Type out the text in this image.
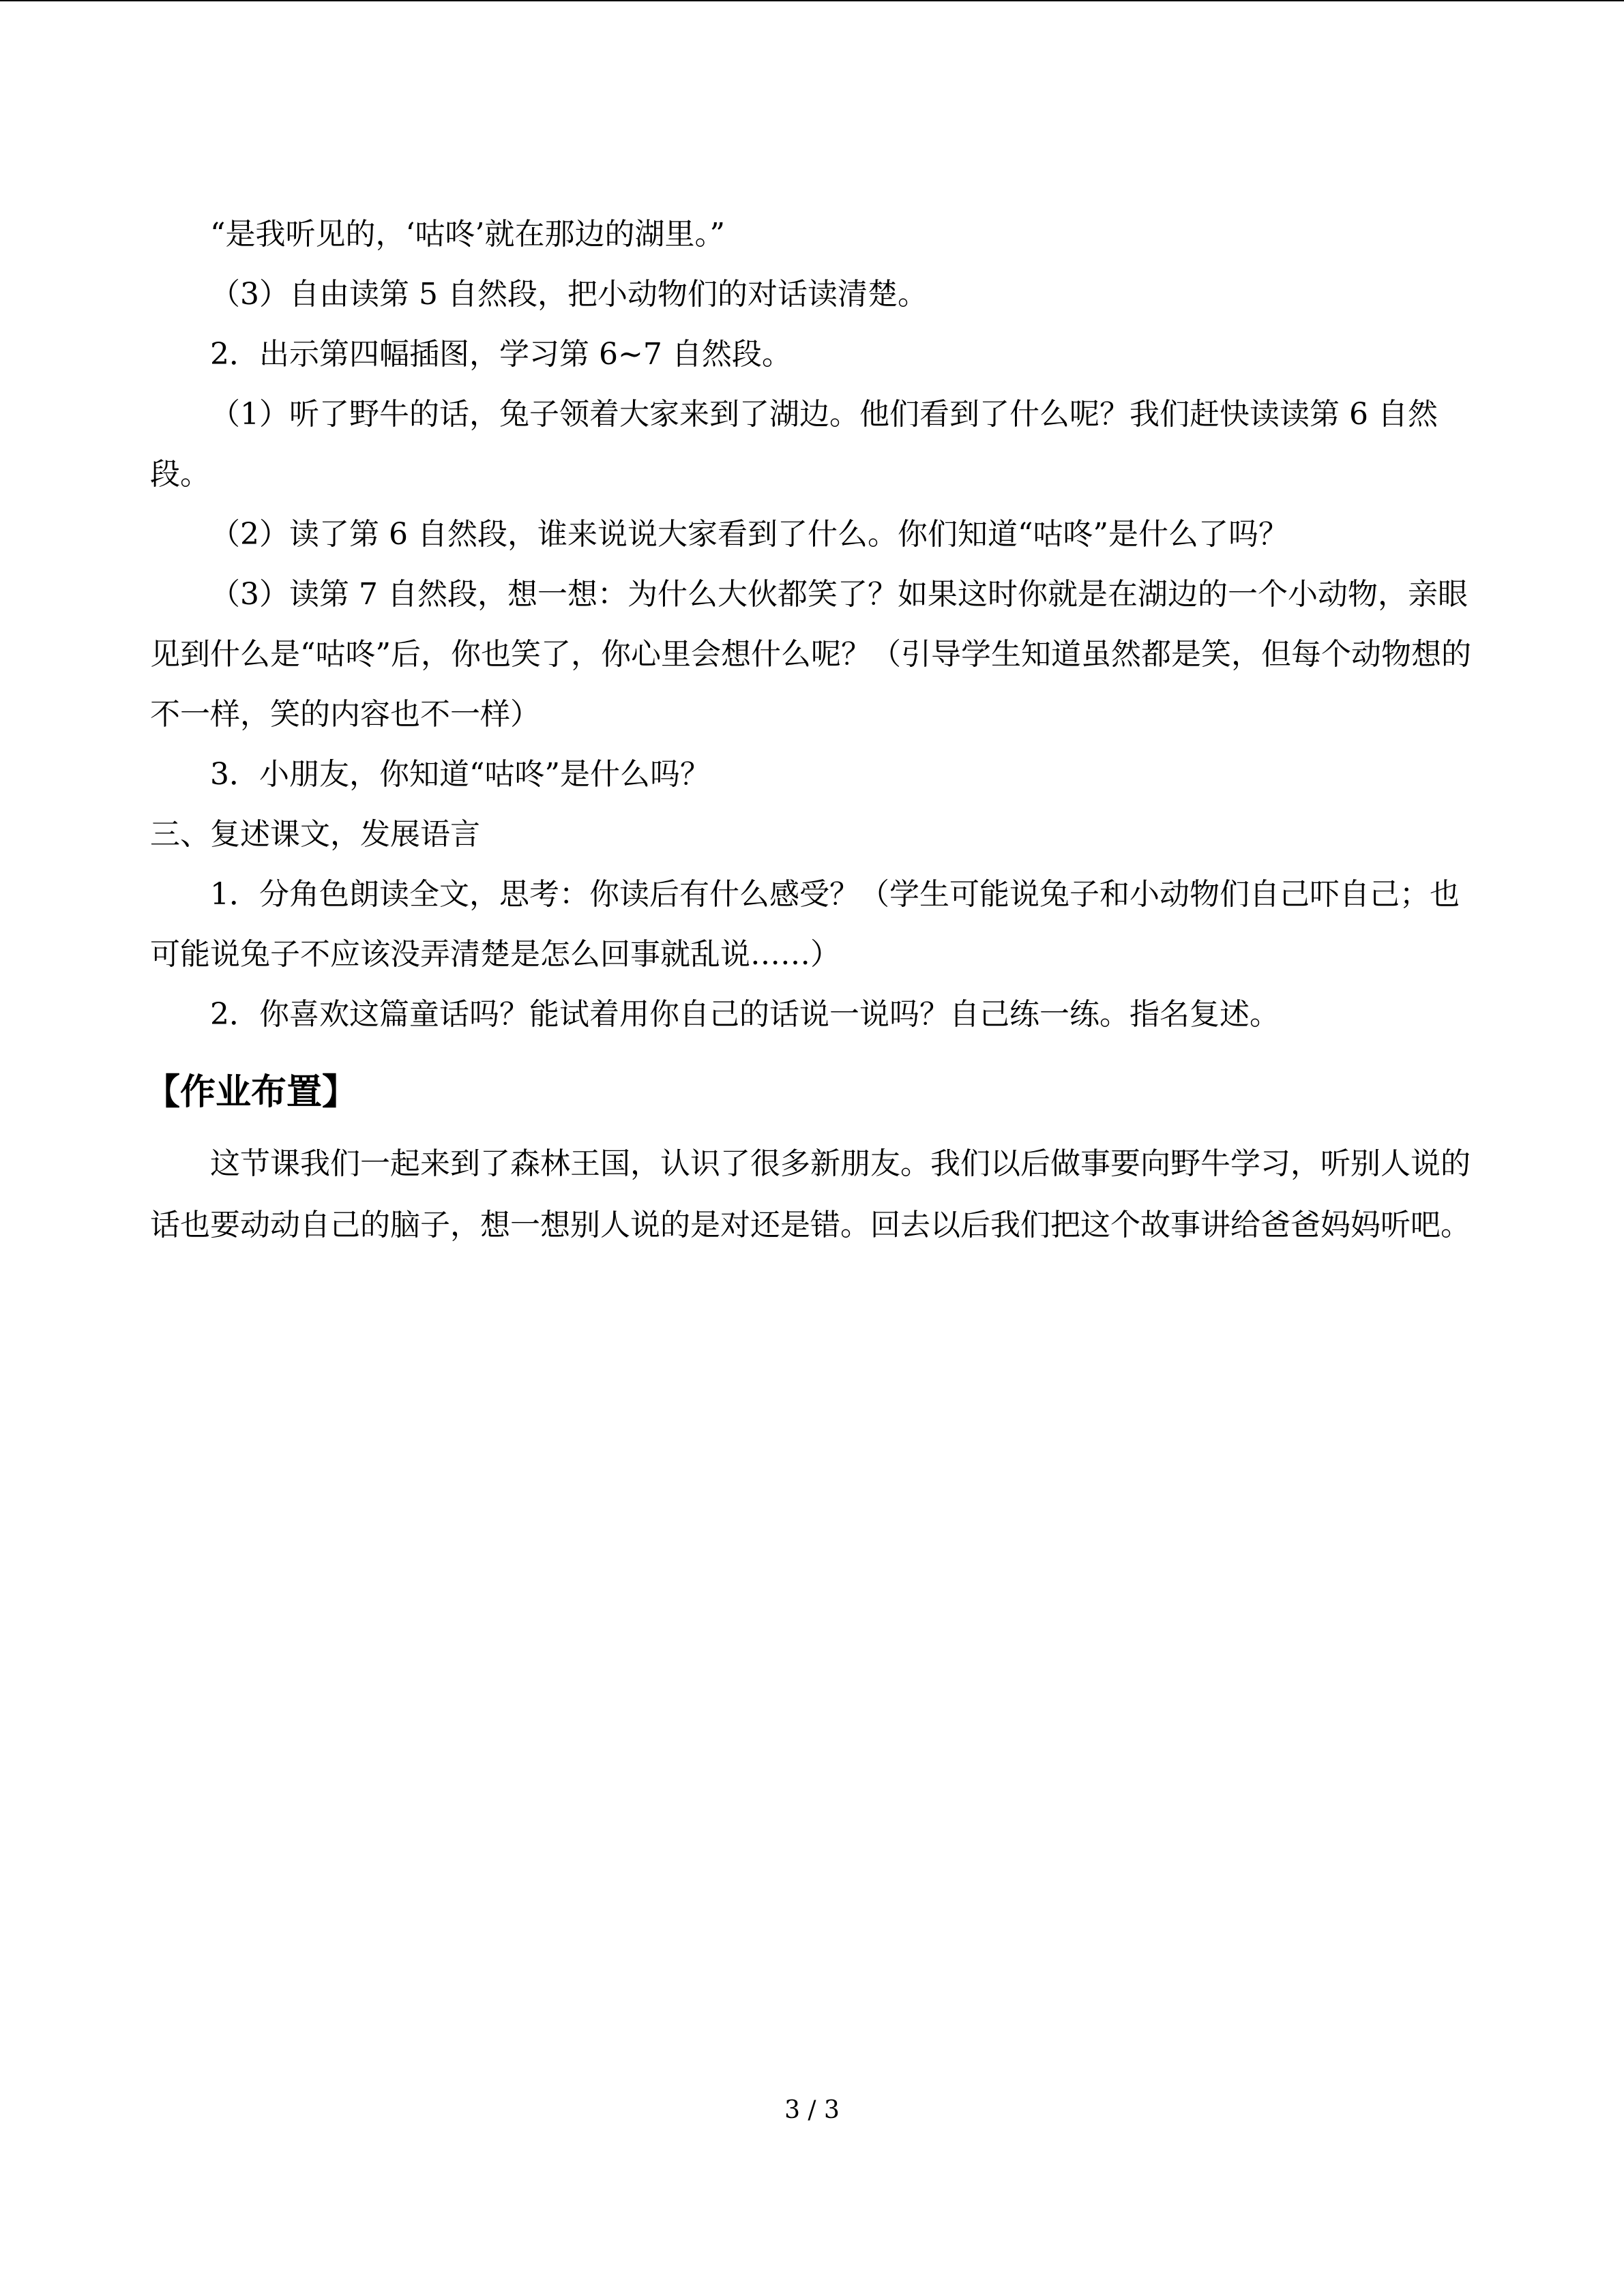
“是我听见的，‘咕咚’就在那边的湖里。”

（3）自由读第 5 自然段，把小动物们的对话读清楚。

2．出示第四幅插图，学习第 6~7 自然段。

（1）听了野牛的话，兔子领着大家来到了湖边。他们看到了什么呢？我们赶快读读第 6 自然段。

（2）读了第 6 自然段，谁来说说大家看到了什么。你们知道“咕咚”是什么了吗？

（3）读第 7 自然段，想一想：为什么大伙都笑了？如果这时你就是在湖边的一个小动物，亲眼见到什么是“咕咚”后，你也笑了，你心里会想什么呢？（引导学生知道虽然都是笑，但每个动物想的不一样，笑的内容也不一样）

3．小朋友，你知道“咕咚”是什么吗？

三、复述课文，发展语言

1．分角色朗读全文，思考：你读后有什么感受？（学生可能说兔子和小动物们自己吓自己；也可能说兔子不应该没弄清楚是怎么回事就乱说……）

2．你喜欢这篇童话吗？能试着用你自己的话说一说吗？自己练一练。指名复述。

【作业布置】

这节课我们一起来到了森林王国，认识了很多新朋友。我们以后做事要向野牛学习，听别人说的话也要动动自己的脑子，想一想别人说的是对还是错。回去以后我们把这个故事讲给爸爸妈妈听吧。

3 / 3
